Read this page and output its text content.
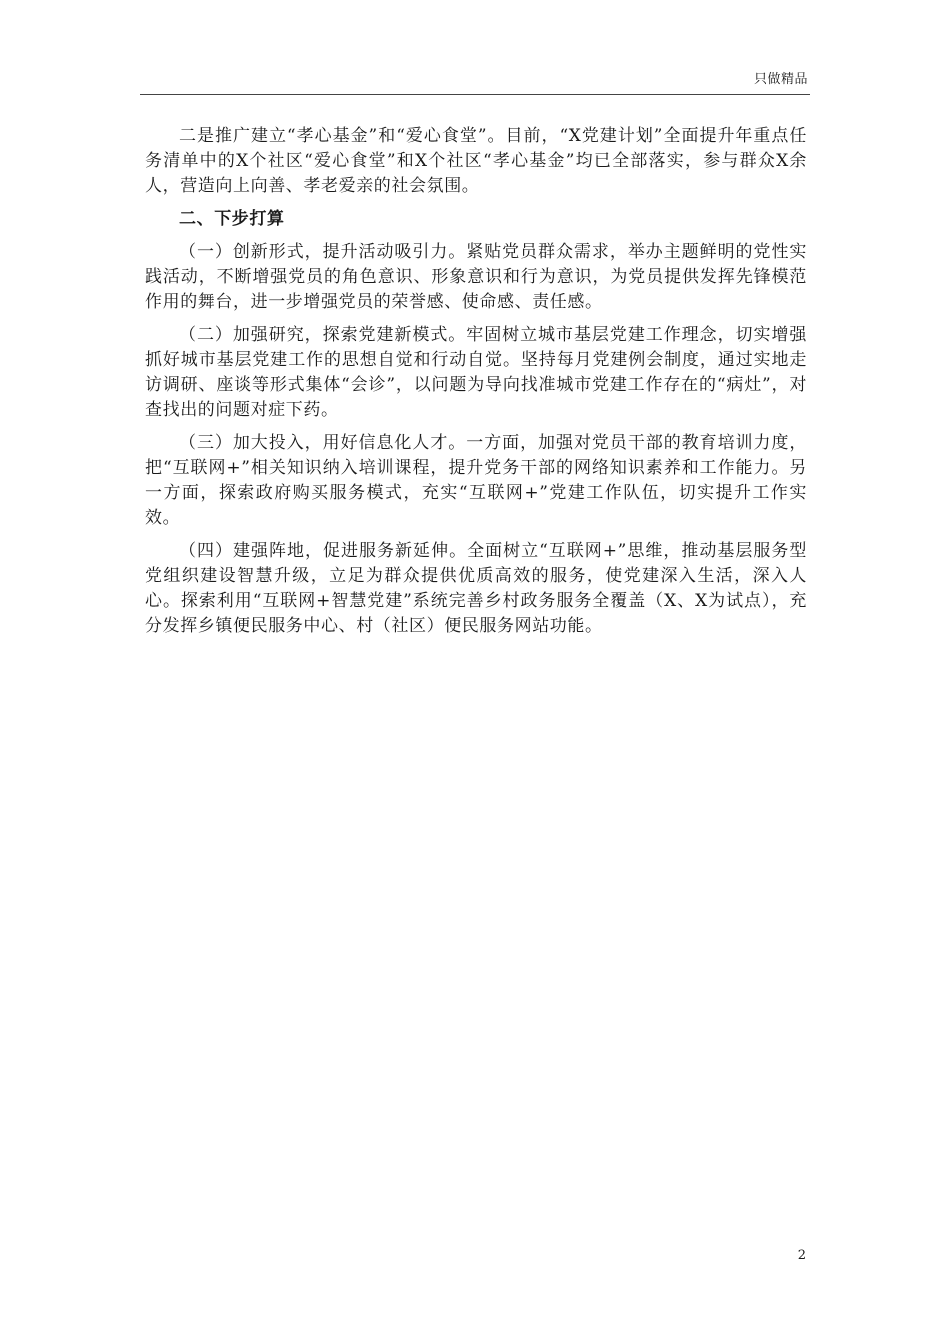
只做精品

二是推广建立“孝心基金”和“爱心食堂”。目前，“X党建计划”全面提升年重点任务清单中的X个社区“爱心食堂”和X个社区“孝心基金”均已全部落实，参与群众X余人，营造向上向善、孝老爱亲的社会氛围。

二、下步打算

（一）创新形式，提升活动吸引力。紧贴党员群众需求，举办主题鲜明的党性实践活动，不断增强党员的角色意识、形象意识和行为意识，为党员提供发挥先锋模范作用的舞台，进一步增强党员的荣誉感、使命感、责任感。

（二）加强研究，探索党建新模式。牢固树立城市基层党建工作理念，切实增强抓好城市基层党建工作的思想自觉和行动自觉。坚持每月党建例会制度，通过实地走访调研、座谈等形式集体“会诊”，以问题为导向找准城市党建工作存在的“病灶”，对查找出的问题对症下药。

（三）加大投入，用好信息化人才。一方面，加强对党员干部的教育培训力度，把“互联网+”相关知识纳入培训课程，提升党务干部的网络知识素养和工作能力。另一方面，探索政府购买服务模式，充实“互联网+”党建工作队伍，切实提升工作实效。

（四）建强阵地，促进服务新延伸。全面树立“互联网+”思维，推动基层服务型党组织建设智慧升级，立足为群众提供优质高效的服务，使党建深入生活，深入人心。探索利用“互联网+智慧党建”系统完善乡村政务服务全覆盖（X、X为试点），充分发挥乡镇便民服务中心、村（社区）便民服务网站功能。

2
